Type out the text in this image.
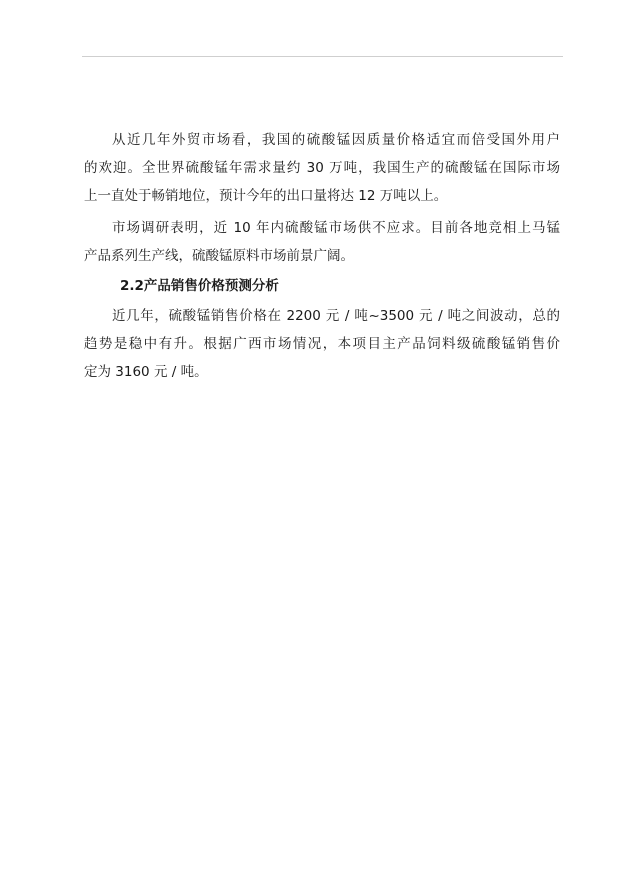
从近几年外贸市场看，我国的硫酸锰因质量价格适宜而倍受国外用户
的欢迎。全世界硫酸锰年需求量约 30 万吨，我国生产的硫酸锰在国际市场
上一直处于畅销地位，预计今年的出口量将达 12 万吨以上。
市场调研表明，近 10 年内硫酸锰市场供不应求。目前各地竞相上马锰
产品系列生产线，硫酸锰原料市场前景广阔。
2.2产品销售价格预测分析
近几年，硫酸锰销售价格在 2200 元 / 吨~3500 元 / 吨之间波动，总的
趋势是稳中有升。根据广西市场情况，本项目主产品饲料级硫酸锰销售价
定为 3160 元 / 吨。
